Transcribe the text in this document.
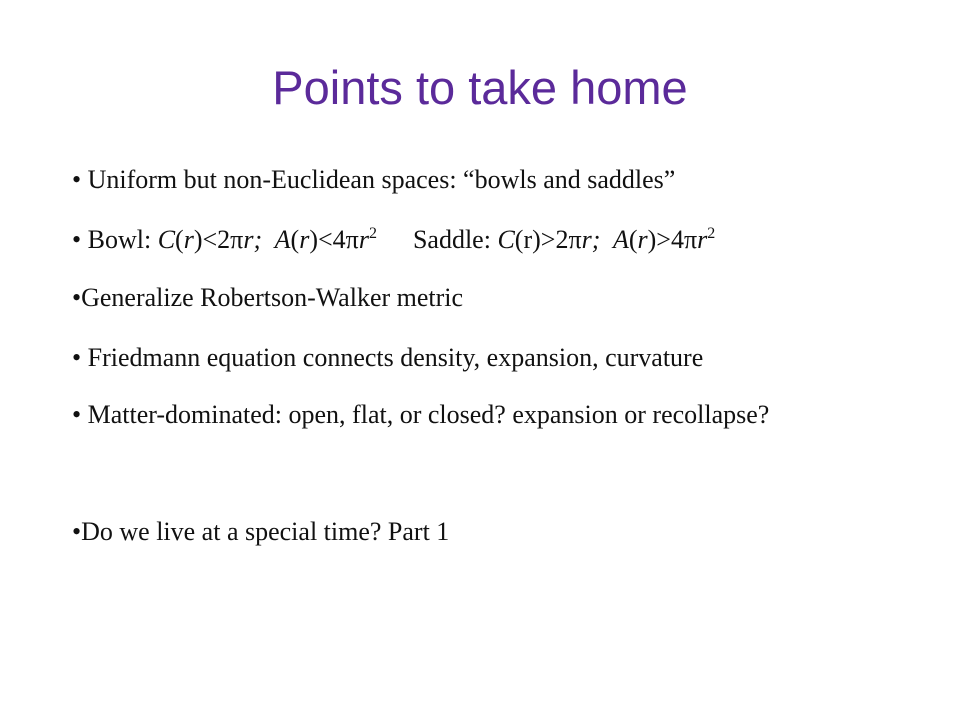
Points to take home
• Uniform but non-Euclidean spaces: “bowls and saddles”
• Bowl: C(r)<2πr;  $A(r)<4\pi r^2$ Saddle: C(r)>2πr;  $A(r)>4\pi r^2$
•Generalize Robertson-Walker metric
• Friedmann equation connects density, expansion, curvature
• Matter-dominated: open, flat, or closed? expansion or recollapse?
•Do we live at a special time? Part 1
